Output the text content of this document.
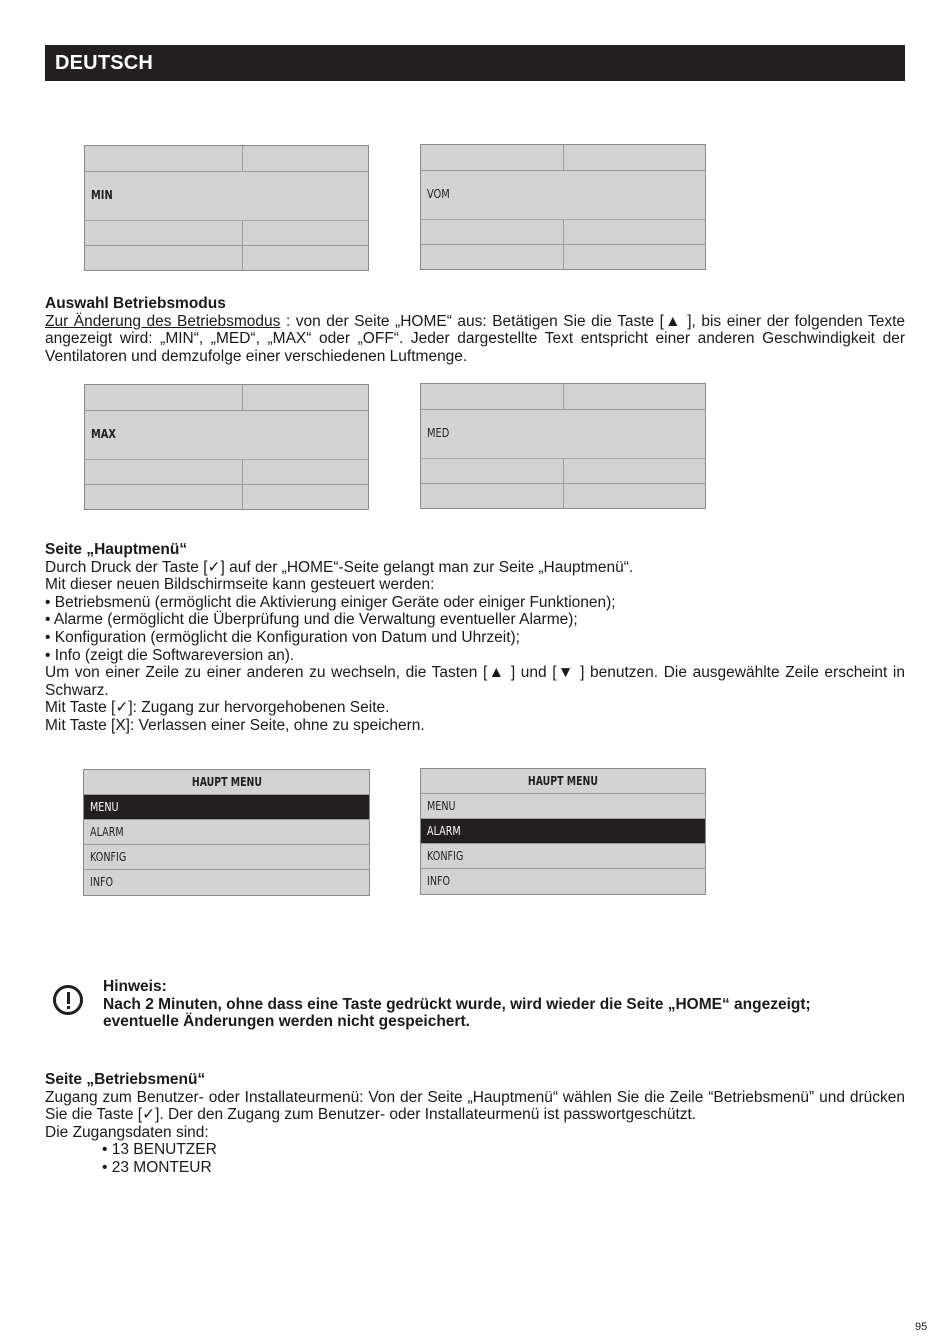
DEUTSCH
MIN	VOM

Auswahl Betriebsmodus

Zur Änderung des Betriebsmodus : von der Seite „HOME“ aus: Betätigen Sie die Taste [▲ ], bis einer der folgenden Texte angezeigt wird: „MIN“, „MED“, „MAX“ oder „OFF“. Jeder dargestellte Text entspricht einer anderen Geschwindigkeit der Ventilatoren und demzufolge einer verschiedenen Luftmenge.

MAX	MED

Seite „Hauptmenü“

Durch Druck der Taste [✓] auf der „HOME“-Seite gelangt man zur Seite „Hauptmenü“.

Mit dieser neuen Bildschirmseite kann gesteuert werden:

• Betriebsmenü (ermöglicht die Aktivierung einiger Geräte oder einiger Funktionen);

• Alarme (ermöglicht die Überprüfung und die Verwaltung eventueller Alarme);

• Konfiguration (ermöglicht die Konfiguration von Datum und Uhrzeit);

• Info (zeigt die Softwareversion an).

Um von einer Zeile zu einer anderen zu wechseln, die Tasten [▲ ] und [▼ ] benutzen. Die ausgewählte Zeile erscheint in Schwarz.

Mit Taste [✓]: Zugang zur hervorgehobenen Seite.

Mit Taste [X]: Verlassen einer Seite, ohne zu speichern.

HAUPT MENU
MENU
ALARM
KONFIG
INFO
HAUPT MENU
MENU
ALARM
KONFIG
INFO

Hinweis:

Nach 2 Minuten, ohne dass eine Taste gedrückt wurde, wird wieder die Seite „HOME“ angezeigt;

eventuelle Änderungen werden nicht gespeichert.

Seite „Betriebsmenü“

Zugang zum Benutzer- oder Installateurmenü: Von der Seite „Hauptmenü“ wählen Sie die Zeile “Betriebsmenü” und drücken Sie die Taste [✓]. Der den Zugang zum Benutzer- oder Installateurmenü ist passwortgeschützt.

Die Zugangsdaten sind:

• 13 BENUTZER

• 23 MONTEUR

95
